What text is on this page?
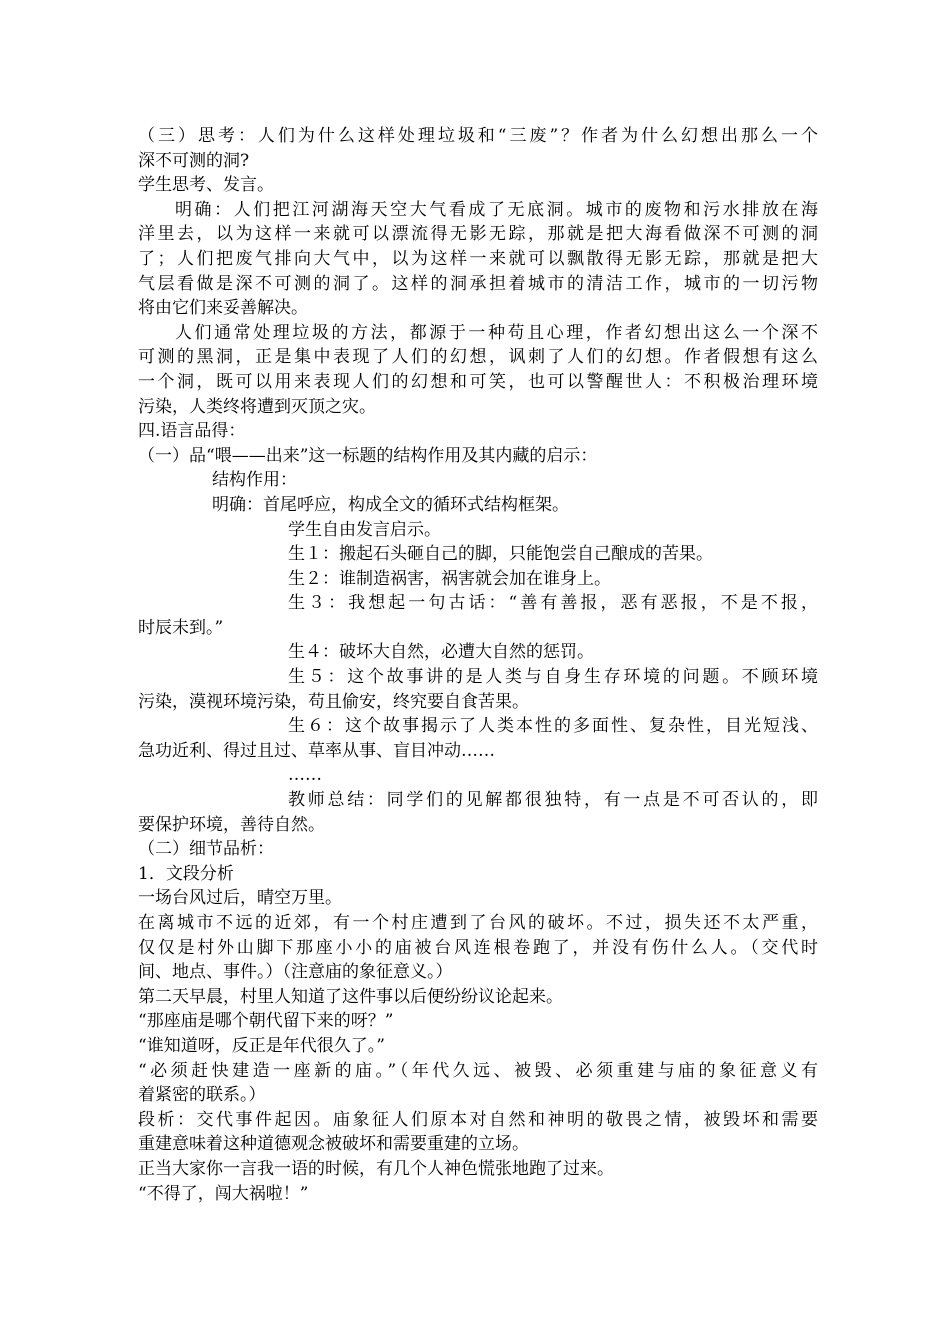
（三）思考：人们为什么这样处理垃圾和“三废”？作者为什么幻想出那么一个
深不可测的洞?
学生思考、发言。
明确：人们把江河湖海天空大气看成了无底洞。城市的废物和污水排放在海
洋里去，以为这样一来就可以漂流得无影无踪，那就是把大海看做深不可测的洞
了；人们把废气排向大气中，以为这样一来就可以飘散得无影无踪，那就是把大
气层看做是深不可测的洞了。这样的洞承担着城市的清洁工作，城市的一切污物
将由它们来妥善解决。
人们通常处理垃圾的方法，都源于一种苟且心理，作者幻想出这么一个深不
可测的黑洞，正是集中表现了人们的幻想，讽刺了人们的幻想。作者假想有这么
一个洞，既可以用来表现人们的幻想和可笑，也可以警醒世人：不积极治理环境
污染，人类终将遭到灭顶之灾。
四.语言品得：
（一）品“喂——出来”这一标题的结构作用及其内藏的启示：
结构作用：
明确：首尾呼应，构成全文的循环式结构框架。
学生自由发言启示。
生１：搬起石头砸自己的脚，只能饱尝自己酿成的苦果。
生２：谁制造祸害，祸害就会加在谁身上。
生３：我想起一句古话：“善有善报，恶有恶报，不是不报，
时辰未到。”
生４：破坏大自然，必遭大自然的惩罚。
生５：这个故事讲的是人类与自身生存环境的问题。不顾环境
污染，漠视环境污染，苟且偷安，终究要自食苦果。
生６：这个故事揭示了人类本性的多面性、复杂性，目光短浅、
急功近利、得过且过、草率从事、盲目冲动……
……
教师总结：同学们的见解都很独特，有一点是不可否认的，即
要保护环境，善待自然。
（二）细节品析：
1．文段分析
一场台风过后，晴空万里。
在离城市不远的近郊，有一个村庄遭到了台风的破坏。不过，损失还不太严重，
仅仅是村外山脚下那座小小的庙被台风连根卷跑了，并没有伤什么人。（交代时
间、地点、事件。）（注意庙的象征意义。）
第二天早晨，村里人知道了这件事以后便纷纷议论起来。
“那座庙是哪个朝代留下来的呀？”
“谁知道呀，反正是年代很久了。”
“必须赶快建造一座新的庙。”（年代久远、被毁、必须重建与庙的象征意义有
着紧密的联系。）
段析：交代事件起因。庙象征人们原本对自然和神明的敬畏之情，被毁坏和需要
重建意味着这种道德观念被破坏和需要重建的立场。
正当大家你一言我一语的时候，有几个人神色慌张地跑了过来。
“不得了，闯大祸啦！”
